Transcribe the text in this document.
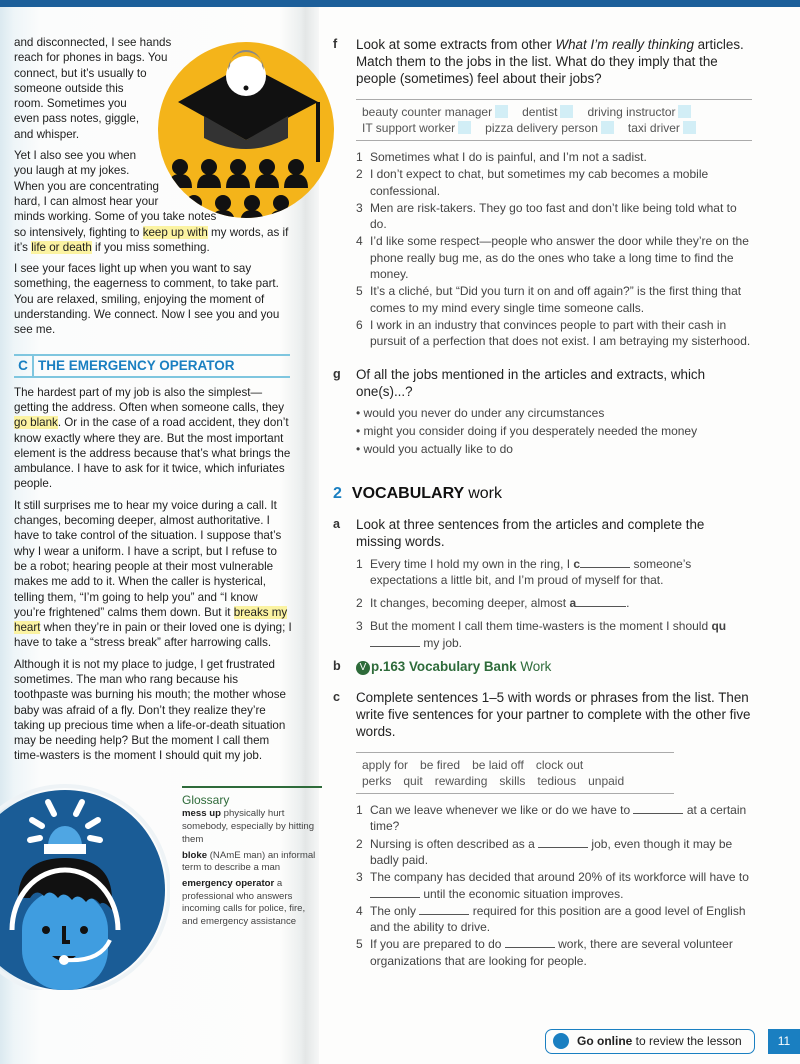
and disconnected, I see hands reach for phones in bags. You connect, but it’s usually to someone outside this room. Sometimes you even pass notes, giggle, and whisper.

Yet I also see you when you laugh at my jokes. When you are concentrating hard, I can almost hear your minds working. Some of you take notes so intensively, fighting to keep up with my words, as if it’s life or death if you miss something.

I see your faces light up when you want to say something, the eagerness to comment, to take part. You are relaxed, smiling, enjoying the moment of understanding. We connect. Now I see you and you see me.

C THE EMERGENCY OPERATOR

The hardest part of my job is also the simplest—getting the address. Often when someone calls, they go blank. Or in the case of a road accident, they don’t know exactly where they are. But the most important element is the address because that’s what brings the ambulance. I have to ask for it twice, which infuriates people.

It still surprises me to hear my voice during a call. It changes, becoming deeper, almost authoritative. I have to take control of the situation. I suppose that’s why I wear a uniform. I have a script, but I refuse to be a robot; hearing people at their most vulnerable makes me add to it. When the caller is hysterical, telling them, “I’m going to help you” and “I know you’re frightened” calms them down. But it breaks my heart when they’re in pain or their loved one is dying; I have to take a “stress break” after harrowing calls.

Although it is not my place to judge, I get frustrated sometimes. The man who rang because his toothpaste was burning his mouth; the mother whose baby was afraid of a fly. Don’t they realize they’re taking up precious time when a life-or-death situation may be needing help? But the moment I call them time-wasters is the moment I should quit my job.

Glossary

mess up physically hurt somebody, especially by hitting them

bloke (NAmE man) an informal term to describe a man

emergency operator a professional who answers incoming calls for police, fire, and emergency assistance

f	Look at some extracts from other What I’m really thinking articles. Match them to the jobs in the list. What do they imply that the people (sometimes) feel about their jobs?
beauty counter manager	dentist	driving instructor
IT support worker	pizza delivery person	taxi driver
1 Sometimes what I do is painful, and I’m not a sadist.
2 I don’t expect to chat, but sometimes my cab becomes a mobile confessional.
3 Men are risk-takers. They go too fast and don’t like being told what to do.
4 I’d like some respect—people who answer the door while they’re on the phone really bug me, as do the ones who take a long time to find the money.
5 It’s a cliché, but “Did you turn it on and off again?” is the first thing that comes to my mind every single time someone calls.
6 I work in an industry that convinces people to part with their cash in pursuit of a perfection that does not exist. I am betraying my sisterhood.
g	Of all the jobs mentioned in the articles and extracts, which one(s)...?
• would you never do under any circumstances
• might you consider doing if you desperately needed the money
• would you actually like to do
2 VOCABULARY work
a	Look at three sentences from the articles and complete the missing words.
1 Every time I hold my own in the ring, I c	someone’s expectations a little bit, and I’m proud of myself for that.
2 It changes, becoming deeper, almost a	.
3 But the moment I call them time-wasters is the moment I should qu my job.
b	V p.163 Vocabulary Bank Work
c	Complete sentences 1–5 with words or phrases from the list. Then write five sentences for your partner to complete with the other five words.
apply for be fired be laid off clock out
perks quit rewarding skills tedious unpaid
1 Can we leave whenever we like or do we have to	at a certain time?
2 Nursing is often described as a	job, even though it may be badly paid.
3 The company has decided that around 20% of its workforce will have to  until the economic situation improves.
4 The only	required for this position are a good level of English and the ability to drive.
5 If you are prepared to do	work, there are several volunteer organizations that are looking for people.
Go online to review the lesson	11
